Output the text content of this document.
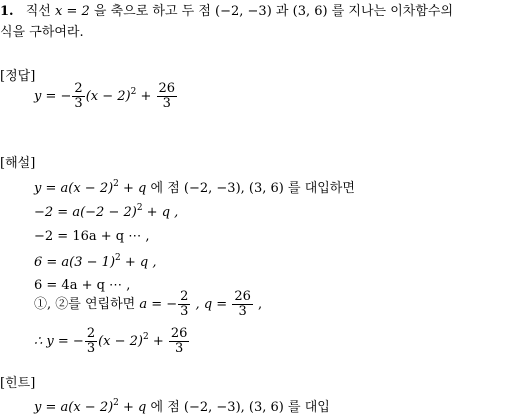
1. 직선 x = 2 을 축으로 하고 두 점 (−2, −3) 과 (3, 6) 를 지나는 이차함수의
식을 구하여라.
[정답]
y = − $\frac{2}{3} (x - 2)^2 + \frac{26}{3}$
[해설]
$y = a(x - 2)^2 + q$ 에 점 (−2, −3), (3, 6) 를 대입하면
$-2 = a(-2 - 2)^2 + q$ ,
−2 = 16a + q ⋯ ,
$6 = a(3 - 1)^2 + q$ ,
6 = 4a + q ⋯ ,
①, ②를 연립하면 a = − $\frac{2}{3}$ , $q = \frac{26}{3}$ ,
∴ y = − $\frac{2}{3} (x - 2)^2 + \frac{26}{3}$
[힌트]
$y = a(x - 2)^2 + q$ 에 점 (−2, −3), (3, 6) 를 대입
